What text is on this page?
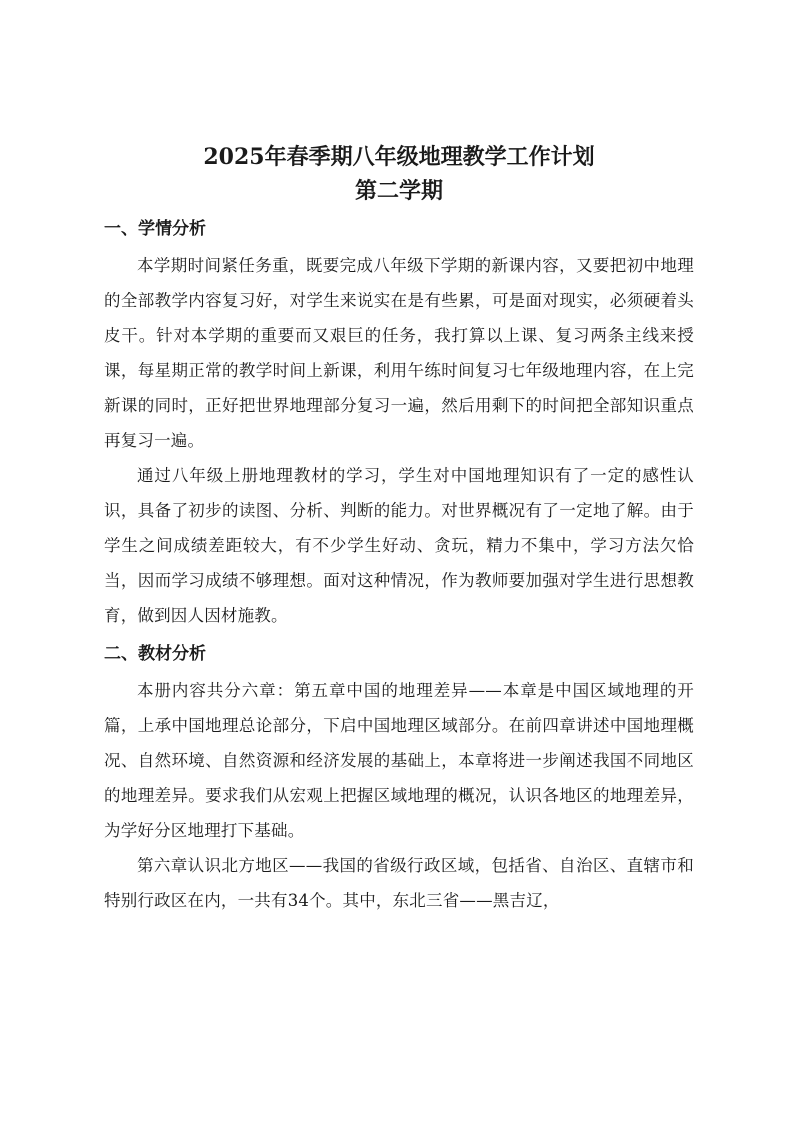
2025年春季期八年级地理教学工作计划
第二学期
一、学情分析

本学期时间紧任务重，既要完成八年级下学期的新课内容，又要把初中地理的全部教学内容复习好，对学生来说实在是有些累，可是面对现实，必须硬着头皮干。针对本学期的重要而又艰巨的任务，我打算以上课、复习两条主线来授课，每星期正常的教学时间上新课，利用午练时间复习七年级地理内容，在上完新课的同时，正好把世界地理部分复习一遍，然后用剩下的时间把全部知识重点再复习一遍。

通过八年级上册地理教材的学习，学生对中国地理知识有了一定的感性认识，具备了初步的读图、分析、判断的能力。对世界概况有了一定地了解。由于学生之间成绩差距较大，有不少学生好动、贪玩，精力不集中，学习方法欠恰当，因而学习成绩不够理想。面对这种情况，作为教师要加强对学生进行思想教育，做到因人因材施教。

二、教材分析

本册内容共分六章：第五章中国的地理差异——本章是中国区域地理的开篇，上承中国地理总论部分，下启中国地理区域部分。在前四章讲述中国地理概况、自然环境、自然资源和经济发展的基础上，本章将进一步阐述我国不同地区的地理差异。要求我们从宏观上把握区域地理的概况，认识各地区的地理差异，为学好分区地理打下基础。

第六章认识北方地区——我国的省级行政区域，包括省、自治区、直辖市和特别行政区在内，一共有34个。其中，东北三省——黑吉辽，
